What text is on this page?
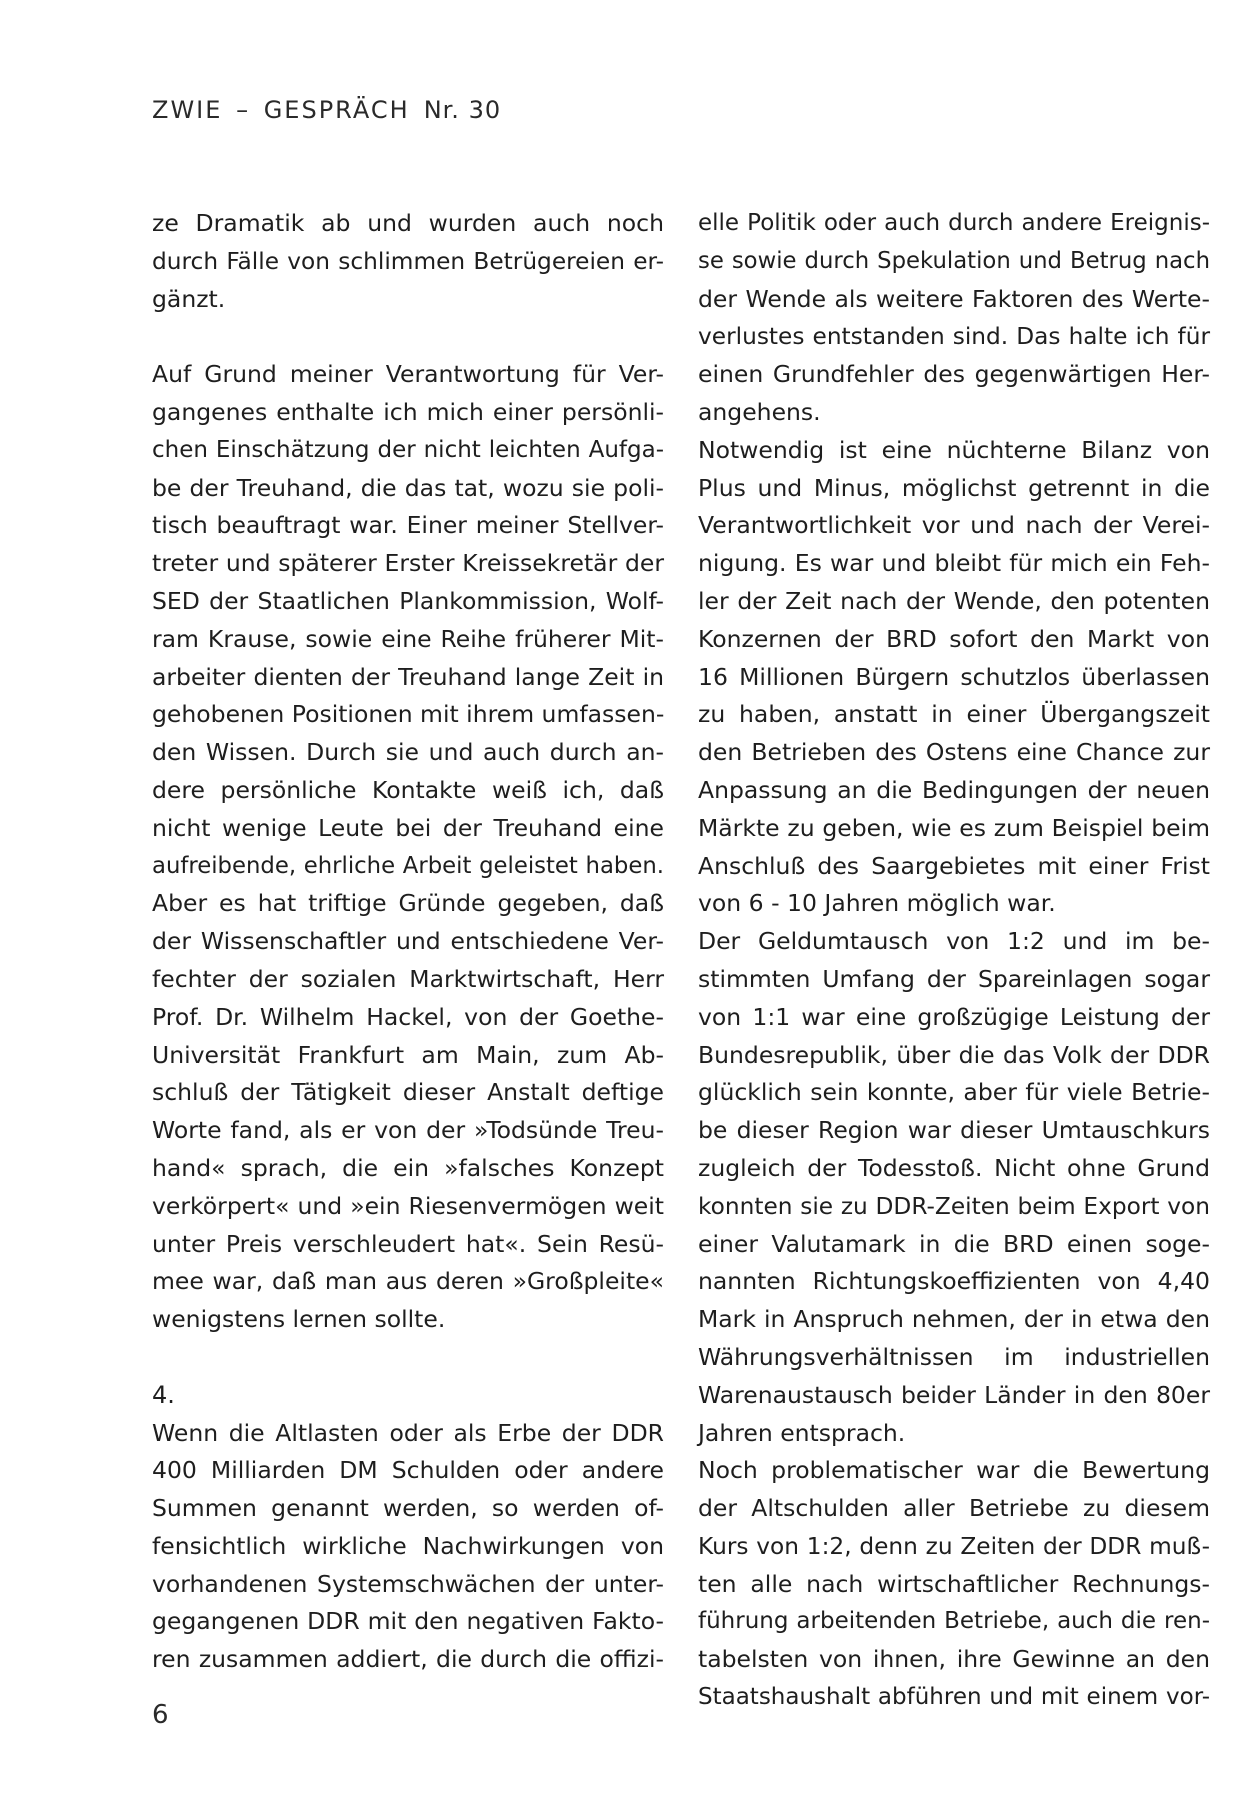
ZWIE – GESPRÄCH Nr. 30
ze Dramatik ab und wurden auch noch
durch Fälle von schlimmen Betrügereien er-
gänzt.
Auf Grund meiner Verantwortung für Ver-
gangenes enthalte ich mich einer persönli-
chen Einschätzung der nicht leichten Aufga-
be der Treuhand, die das tat, wozu sie poli-
tisch beauftragt war. Einer meiner Stellver-
treter und späterer Erster Kreissekretär der
SED der Staatlichen Plankommission, Wolf-
ram Krause, sowie eine Reihe früherer Mit-
arbeiter dienten der Treuhand lange Zeit in
gehobenen Positionen mit ihrem umfassen-
den Wissen. Durch sie und auch durch an-
dere persönliche Kontakte weiß ich, daß
nicht wenige Leute bei der Treuhand eine
aufreibende, ehrliche Arbeit geleistet haben.
Aber es hat triftige Gründe gegeben, daß
der Wissenschaftler und entschiedene Ver-
fechter der sozialen Marktwirtschaft, Herr
Prof. Dr. Wilhelm Hackel, von der Goethe-
Universität Frankfurt am Main, zum Ab-
schluß der Tätigkeit dieser Anstalt deftige
Worte fand, als er von der »Todsünde Treu-
hand« sprach, die ein »falsches Konzept
verkörpert« und »ein Riesenvermögen weit
unter Preis verschleudert hat«. Sein Resü-
mee war, daß man aus deren »Großpleite«
wenigstens lernen sollte.
4.
Wenn die Altlasten oder als Erbe der DDR
400 Milliarden DM Schulden oder andere
Summen genannt werden, so werden of-
fensichtlich wirkliche Nachwirkungen von
vorhandenen Systemschwächen der unter-
gegangenen DDR mit den negativen Fakto-
ren zusammen addiert, die durch die offizi-
elle Politik oder auch durch andere Ereignis-
se sowie durch Spekulation und Betrug nach
der Wende als weitere Faktoren des Werte-
verlustes entstanden sind. Das halte ich für
einen Grundfehler des gegenwärtigen Her-
angehens.
Notwendig ist eine nüchterne Bilanz von
Plus und Minus, möglichst getrennt in die
Verantwortlichkeit vor und nach der Verei-
nigung. Es war und bleibt für mich ein Feh-
ler der Zeit nach der Wende, den potenten
Konzernen der BRD sofort den Markt von
16 Millionen Bürgern schutzlos überlassen
zu haben, anstatt in einer Übergangszeit
den Betrieben des Ostens eine Chance zur
Anpassung an die Bedingungen der neuen
Märkte zu geben, wie es zum Beispiel beim
Anschluß des Saargebietes mit einer Frist
von 6 - 10 Jahren möglich war.
Der Geldumtausch von 1:2 und im be-
stimmten Umfang der Spareinlagen sogar
von 1:1 war eine großzügige Leistung der
Bundesrepublik, über die das Volk der DDR
glücklich sein konnte, aber für viele Betrie-
be dieser Region war dieser Umtauschkurs
zugleich der Todesstoß. Nicht ohne Grund
konnten sie zu DDR-Zeiten beim Export von
einer Valutamark in die BRD einen soge-
nannten Richtungskoeffizienten von 4,40
Mark in Anspruch nehmen, der in etwa den
Währungsverhältnissen im industriellen
Warenaustausch beider Länder in den 80er
Jahren entsprach.
Noch problematischer war die Bewertung
der Altschulden aller Betriebe zu diesem
Kurs von 1:2, denn zu Zeiten der DDR muß-
ten alle nach wirtschaftlicher Rechnungs-
führung arbeitenden Betriebe, auch die ren-
tabelsten von ihnen, ihre Gewinne an den
Staatshaushalt abführen und mit einem vor-
6
